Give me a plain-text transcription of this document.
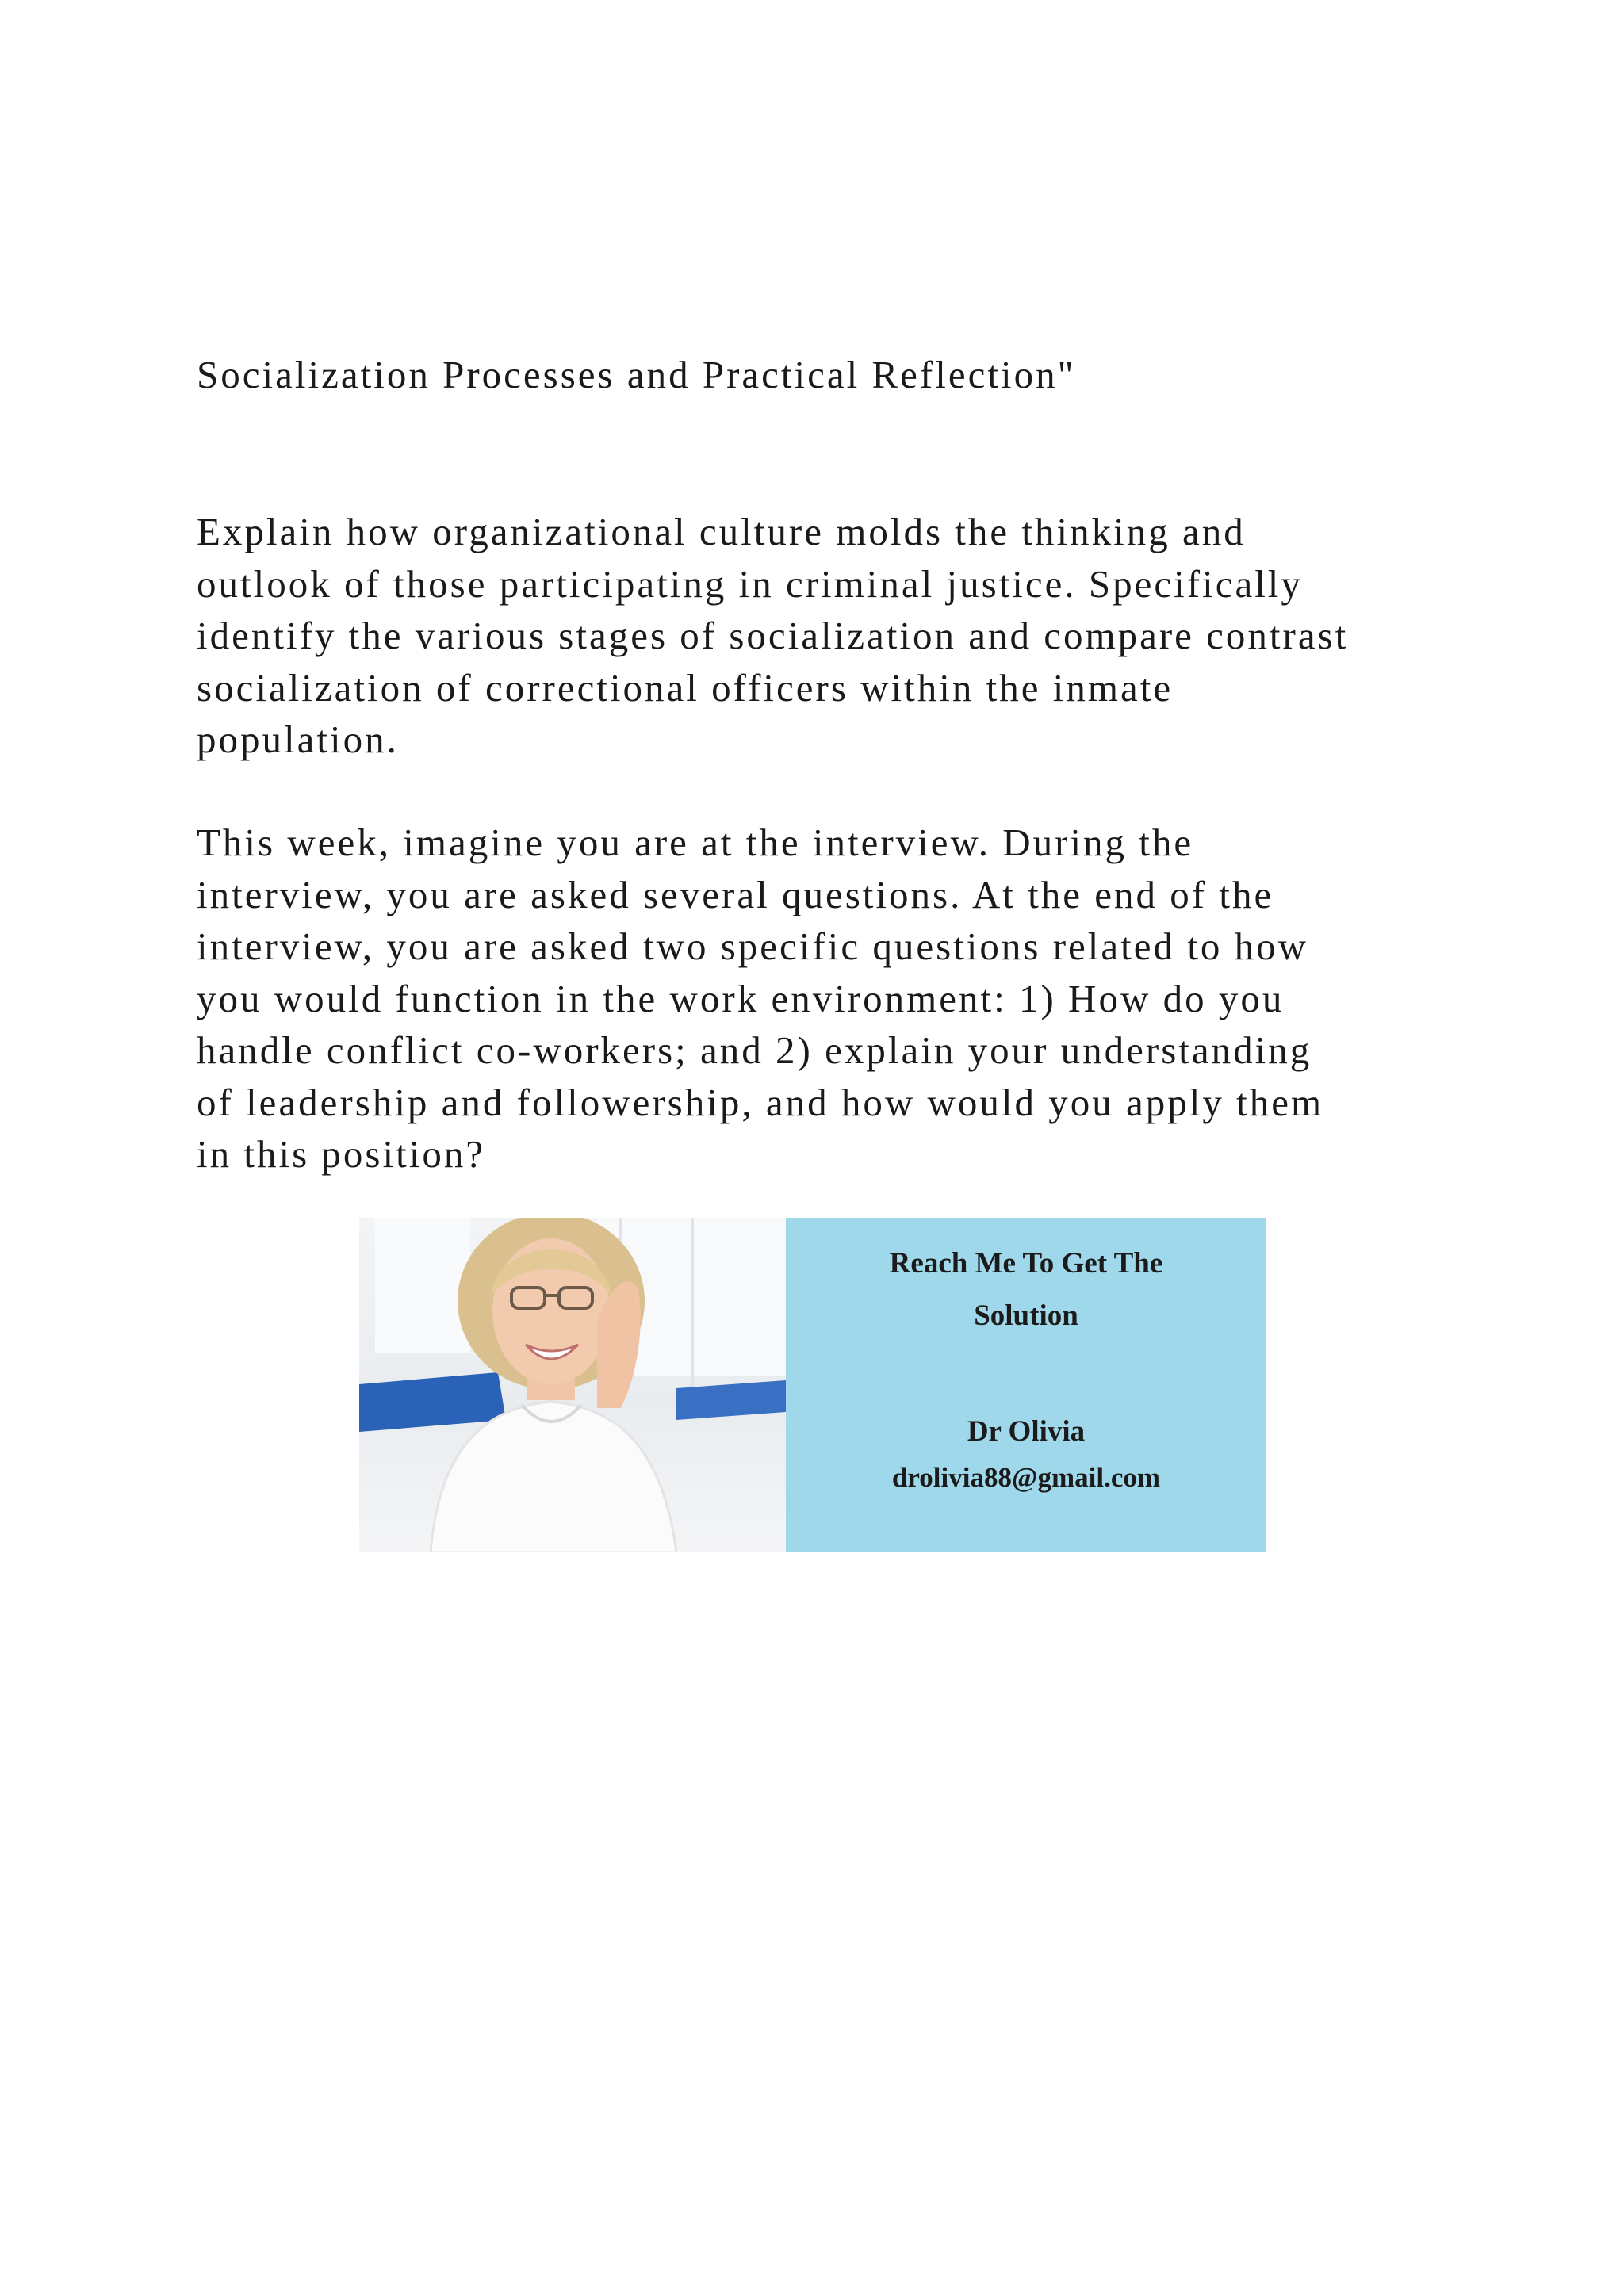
Socialization Processes and Practical Reflection"

Explain how organizational culture molds the thinking and
outlook of those participating in criminal justice. Specifically
identify the various stages of socialization and compare contrast
socialization of correctional officers within the inmate
population.

This week, imagine you are at the interview. During the
interview, you are asked several questions. At the end of the
interview, you are asked two specific questions related to how
you would function in the work environment: 1) How do you
handle conflict co-workers; and 2) explain your understanding
of leadership and followership, and how would you apply them
in this position?

Reach Me To Get The
Solution
Dr Olivia
drolivia88@gmail.com
